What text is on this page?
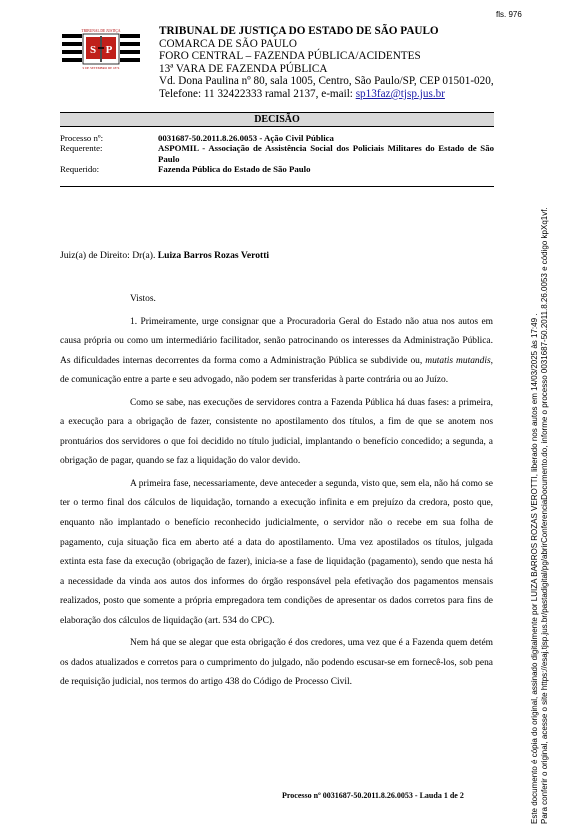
fls. 976
TRIBUNAL DE JUSTIÇA
S P
9 DE SETEMBRO DE 1874
TRIBUNAL DE JUSTIÇA DO ESTADO DE SÃO PAULO
COMARCA DE SÃO PAULO
FORO CENTRAL – FAZENDA PÚBLICA/ACIDENTES
13ª VARA DE FAZENDA PÚBLICA
Vd. Dona Paulina nº 80, sala 1005, Centro, São Paulo/SP, CEP 01501-020,
Telefone: 11 32422333 ramal 2137, e-mail: sp13faz@tjsp.jus.br
DECISÃO
Processo nº:	0031687-50.2011.8.26.0053 - Ação Civil Pública
Requerente:	ASPOMIL - Associação de Assistência Social dos Policiais Militares do Estado de São Paulo
Requerido:	Fazenda Pública do Estado de São Paulo
Juiz(a) de Direito: Dr(a). Luiza Barros Rozas Verotti

Vistos.

1. Primeiramente, urge consignar que a Procuradoria Geral do Estado não atua nos autos em causa própria ou como um intermediário facilitador, senão patrocinando os interesses da Administração Pública. As dificuldades internas decorrentes da forma como a Administração Pública se subdivide ou, mutatis mutandis, de comunicação entre a parte e seu advogado, não podem ser transferidas à parte contrária ou ao Juízo.

Como se sabe, nas execuções de servidores contra a Fazenda Pública há duas fases: a primeira, a execução para a obrigação de fazer, consistente no apostilamento dos títulos, a fim de que se anotem nos prontuários dos servidores o que foi decidido no título judicial, implantando o benefício concedido; a segunda, a obrigação de pagar, quando se faz a liquidação do valor devido.

A primeira fase, necessariamente, deve anteceder a segunda, visto que, sem ela, não há como se ter o termo final dos cálculos de liquidação, tornando a execução infinita e em prejuízo da credora, posto que, enquanto não implantado o benefício reconhecido judicialmente, o servidor não o recebe em sua folha de pagamento, cuja situação fica em aberto até a data do apostilamento. Uma vez apostilados os títulos, julgada extinta esta fase da execução (obrigação de fazer), inicia-se a fase de liquidação (pagamento), sendo que nesta há a necessidade da vinda aos autos dos informes do órgão responsável pela efetivação dos pagamentos mensais realizados, posto que somente a própria empregadora tem condições de apresentar os dados corretos para fins de elaboração dos cálculos de liquidação (art. 534 do CPC).

Nem há que se alegar que esta obrigação é dos credores, uma vez que é a Fazenda quem detém os dados atualizados e corretos para o cumprimento do julgado, não podendo escusar-se em fornecê-los, sob pena de requisição judicial, nos termos do artigo 438 do Código de Processo Civil.

Processo nº 0031687-50.2011.8.26.0053 - Lauda 1 de 2	Este documento é cópia do original, assinado digitalmente por LUIZA BARROS ROZAS VEROTTI, liberado nos autos em 14/03/2025 às 17:49 . Para conferir o original, acesse o site https://esaj.tjsp.jus.br/pastadigital/pg/abrirConferenciaDocumento.do, informe o processo 0031687-50.2011.8.26.0053 e código kpXq1vf.
